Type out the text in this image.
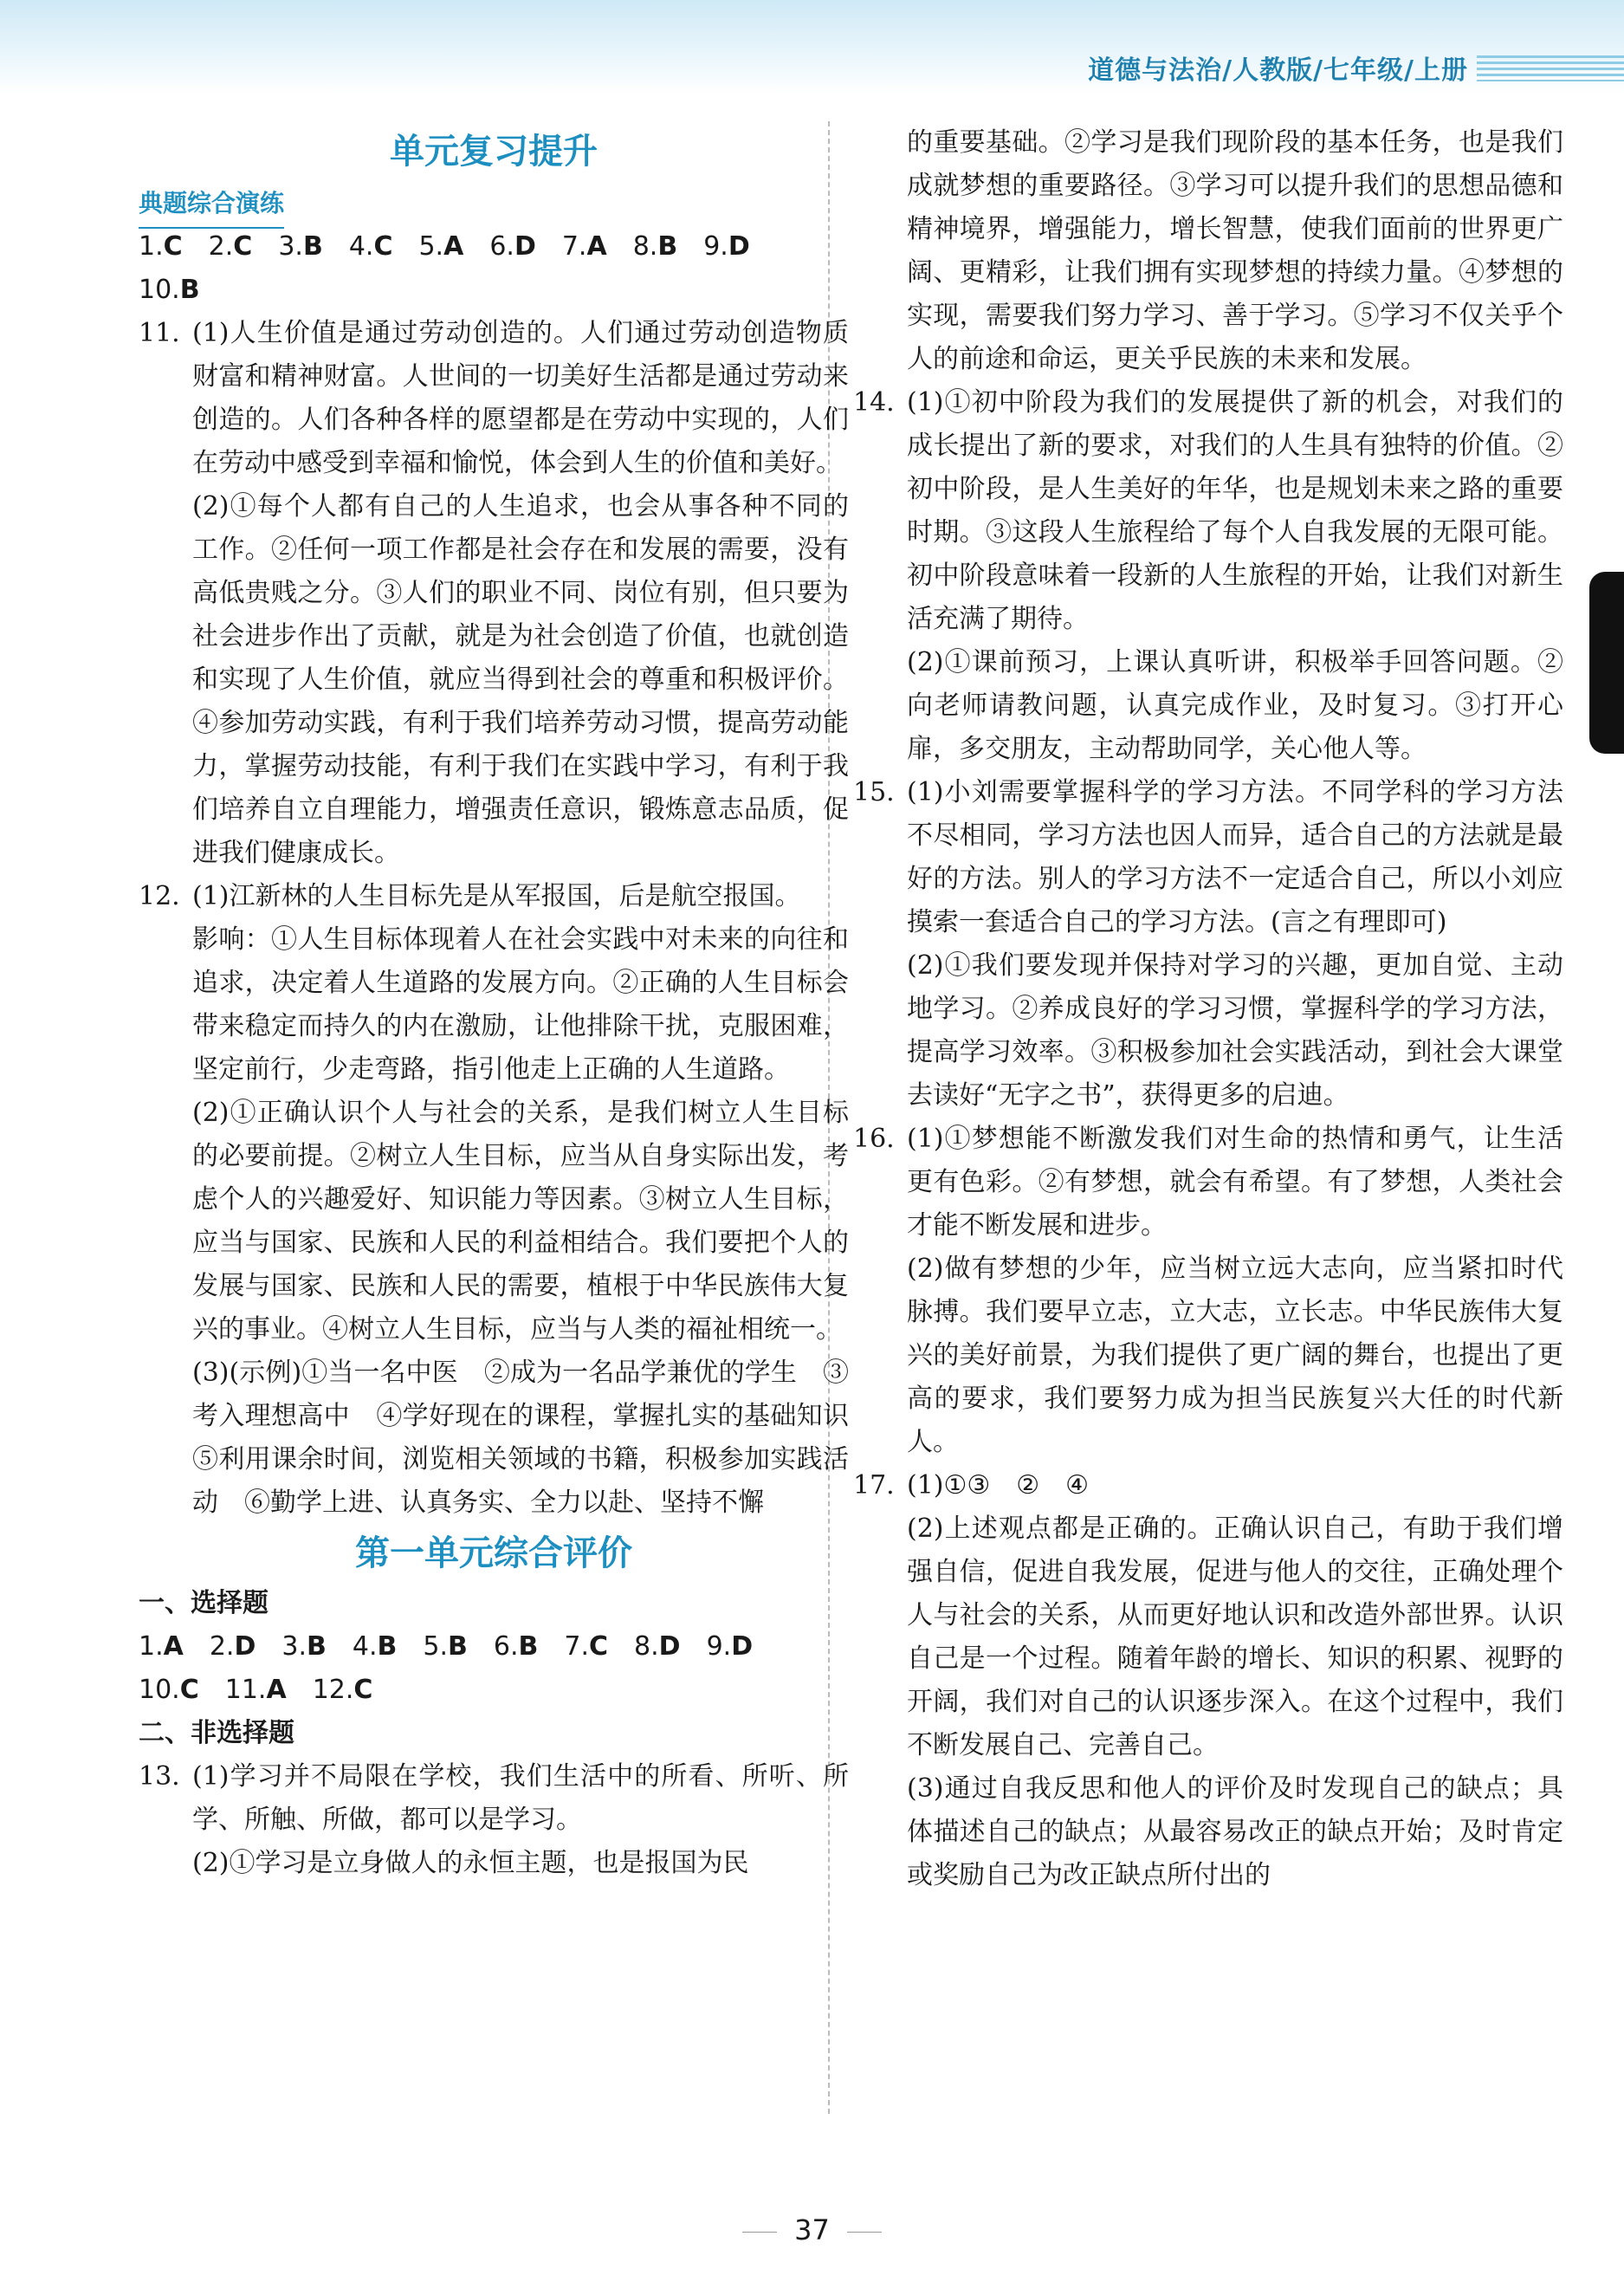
道德与法治/人教版/七年级/上册
单元复习提升
典题综合演练
1.C 2.C 3.B 4.C 5.A 6.D 7.A 8.B 9.D
10.B
11. (1)人生价值是通过劳动创造的。人们通过劳动创造物质财富和精神财富。人世间的一切美好生活都是通过劳动来创造的。人们各种各样的愿望都是在劳动中实现的，人们在劳动中感受到幸福和愉悦，体会到人生的价值和美好。

(2)①每个人都有自己的人生追求，也会从事各种不同的工作。②任何一项工作都是社会存在和发展的需要，没有高低贵贱之分。③人们的职业不同、岗位有别，但只要为社会进步作出了贡献，就是为社会创造了价值，也就创造和实现了人生价值，就应当得到社会的尊重和积极评价。④参加劳动实践，有利于我们培养劳动习惯，提高劳动能力，掌握劳动技能，有利于我们在实践中学习，有利于我们培养自立自理能力，增强责任意识，锻炼意志品质，促进我们健康成长。

12. (1)江新林的人生目标先是从军报国，后是航空报国。

影响：①人生目标体现着人在社会实践中对未来的向往和追求，决定着人生道路的发展方向。②正确的人生目标会带来稳定而持久的内在激励，让他排除干扰，克服困难，坚定前行，少走弯路，指引他走上正确的人生道路。

(2)①正确认识个人与社会的关系，是我们树立人生目标的必要前提。②树立人生目标，应当从自身实际出发，考虑个人的兴趣爱好、知识能力等因素。③树立人生目标，应当与国家、民族和人民的利益相结合。我们要把个人的发展与国家、民族和人民的需要，植根于中华民族伟大复兴的事业。④树立人生目标，应当与人类的福祉相统一。

(3)(示例)①当一名中医　②成为一名品学兼优的学生　③考入理想高中　④学好现在的课程，掌握扎实的基础知识　⑤利用课余时间，浏览相关领域的书籍，积极参加实践活动　⑥勤学上进、认真务实、全力以赴、坚持不懈

第一单元综合评价
一、选择题
1.A 2.D 3.B 4.B 5.B 6.B 7.C 8.D 9.D
10.C 11.A 12.C
二、非选择题
13. (1)学习并不局限在学校，我们生活中的所看、所听、所学、所触、所做，都可以是学习。

(2)①学习是立身做人的永恒主题，也是报国为民

的重要基础。②学习是我们现阶段的基本任务，也是我们成就梦想的重要路径。③学习可以提升我们的思想品德和精神境界，增强能力，增长智慧，使我们面前的世界更广阔、更精彩，让我们拥有实现梦想的持续力量。④梦想的实现，需要我们努力学习、善于学习。⑤学习不仅关乎个人的前途和命运，更关乎民族的未来和发展。

14. (1)①初中阶段为我们的发展提供了新的机会，对我们的成长提出了新的要求，对我们的人生具有独特的价值。②初中阶段，是人生美好的年华，也是规划未来之路的重要时期。③这段人生旅程给了每个人自我发展的无限可能。初中阶段意味着一段新的人生旅程的开始，让我们对新生活充满了期待。

(2)①课前预习，上课认真听讲，积极举手回答问题。②向老师请教问题，认真完成作业，及时复习。③打开心扉，多交朋友，主动帮助同学，关心他人等。

15. (1)小刘需要掌握科学的学习方法。不同学科的学习方法不尽相同，学习方法也因人而异，适合自己的方法就是最好的方法。别人的学习方法不一定适合自己，所以小刘应摸索一套适合自己的学习方法。(言之有理即可)

(2)①我们要发现并保持对学习的兴趣，更加自觉、主动地学习。②养成良好的学习习惯，掌握科学的学习方法，提高学习效率。③积极参加社会实践活动，到社会大课堂去读好“无字之书”，获得更多的启迪。

16. (1)①梦想能不断激发我们对生命的热情和勇气，让生活更有色彩。②有梦想，就会有希望。有了梦想，人类社会才能不断发展和进步。

(2)做有梦想的少年，应当树立远大志向，应当紧扣时代脉搏。我们要早立志，立大志，立长志。中华民族伟大复兴的美好前景，为我们提供了更广阔的舞台，也提出了更高的要求，我们要努力成为担当民族复兴大任的时代新人。

17. (1)①③　②　④

(2)上述观点都是正确的。正确认识自己，有助于我们增强自信，促进自我发展，促进与他人的交往，正确处理个人与社会的关系，从而更好地认识和改造外部世界。认识自己是一个过程。随着年龄的增长、知识的积累、视野的开阔，我们对自己的认识逐步深入。在这个过程中，我们不断发展自己、完善自己。

(3)通过自我反思和他人的评价及时发现自己的缺点；具体描述自己的缺点；从最容易改正的缺点开始；及时肯定或奖励自己为改正缺点所付出的

37
